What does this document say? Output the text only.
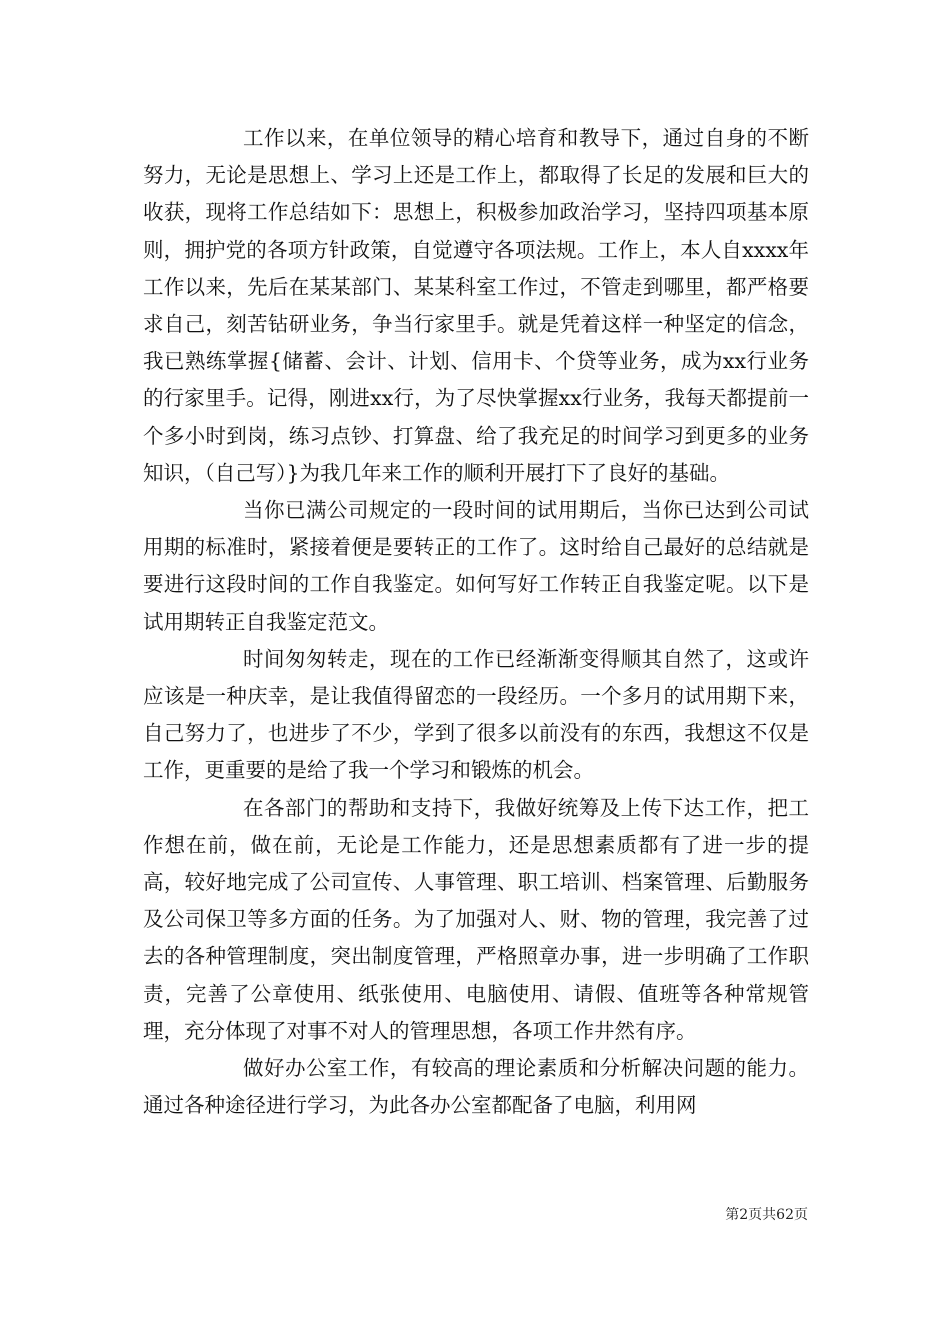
工作以来，在单位领导的精心培育和教导下，通过自身的不断努力，无论是思想上、学习上还是工作上，都取得了长足的发展和巨大的收获，现将工作总结如下：思想上，积极参加政治学习，坚持四项基本原则，拥护党的各项方针政策，自觉遵守各项法规。工作上，本人自xxxx年工作以来，先后在某某部门、某某科室工作过，不管走到哪里，都严格要求自己，刻苦钻研业务，争当行家里手。就是凭着这样一种坚定的信念，我已熟练掌握{储蓄、会计、计划、信用卡、个贷等业务，成为xx行业务的行家里手。记得，刚进xx行，为了尽快掌握xx行业务，我每天都提前一个多小时到岗，练习点钞、打算盘、给了我充足的时间学习到更多的业务知识，（自己写）}为我几年来工作的顺利开展打下了良好的基础。

当你已满公司规定的一段时间的试用期后，当你已达到公司试用期的标准时，紧接着便是要转正的工作了。这时给自己最好的总结就是要进行这段时间的工作自我鉴定。如何写好工作转正自我鉴定呢。以下是试用期转正自我鉴定范文。

时间匆匆转走，现在的工作已经渐渐变得顺其自然了，这或许应该是一种庆幸，是让我值得留恋的一段经历。一个多月的试用期下来，自己努力了，也进步了不少，学到了很多以前没有的东西，我想这不仅是工作，更重要的是给了我一个学习和锻炼的机会。

在各部门的帮助和支持下，我做好统筹及上传下达工作，把工作想在前，做在前，无论是工作能力，还是思想素质都有了进一步的提高，较好地完成了公司宣传、人事管理、职工培训、档案管理、后勤服务及公司保卫等多方面的任务。为了加强对人、财、物的管理，我完善了过去的各种管理制度，突出制度管理，严格照章办事，进一步明确了工作职责，完善了公章使用、纸张使用、电脑使用、请假、值班等各种常规管理，充分体现了对事不对人的管理思想，各项工作井然有序。

做好办公室工作，有较高的理论素质和分析解决问题的能力。通过各种途径进行学习，为此各办公室都配备了电脑，利用网

第2页共62页
